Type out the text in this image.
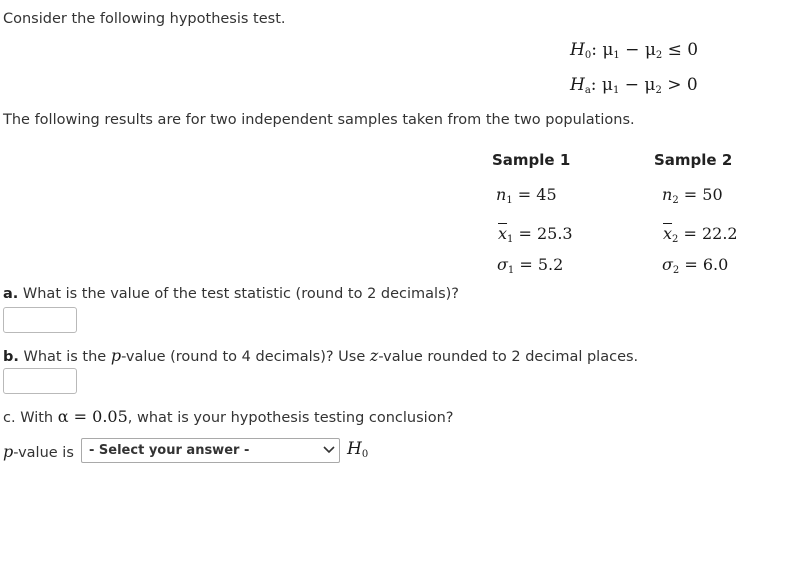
Consider the following hypothesis test.
$H_0$: $\mu_1 - \mu_2 \le 0$
$H_a$: $\mu_1 - \mu_2 > 0$
The following results are for two independent samples taken from the two populations.
Sample 1	Sample 2
$n_1 = 45$	$n_2 = 50$
$\overline{x}_1 = 25.3$	$\overline{x}_2 = 22.2$
$\sigma_1 = 5.2$	$\sigma_2 = 6.0$
a. What is the value of the test statistic (round to 2 decimals)?
b. What is the p-value (round to 4 decimals)? Use z-value rounded to 2 decimal places.
c. With α = 0.05, what is your hypothesis testing conclusion?
p-value is	- Select your answer -	$H_0$
